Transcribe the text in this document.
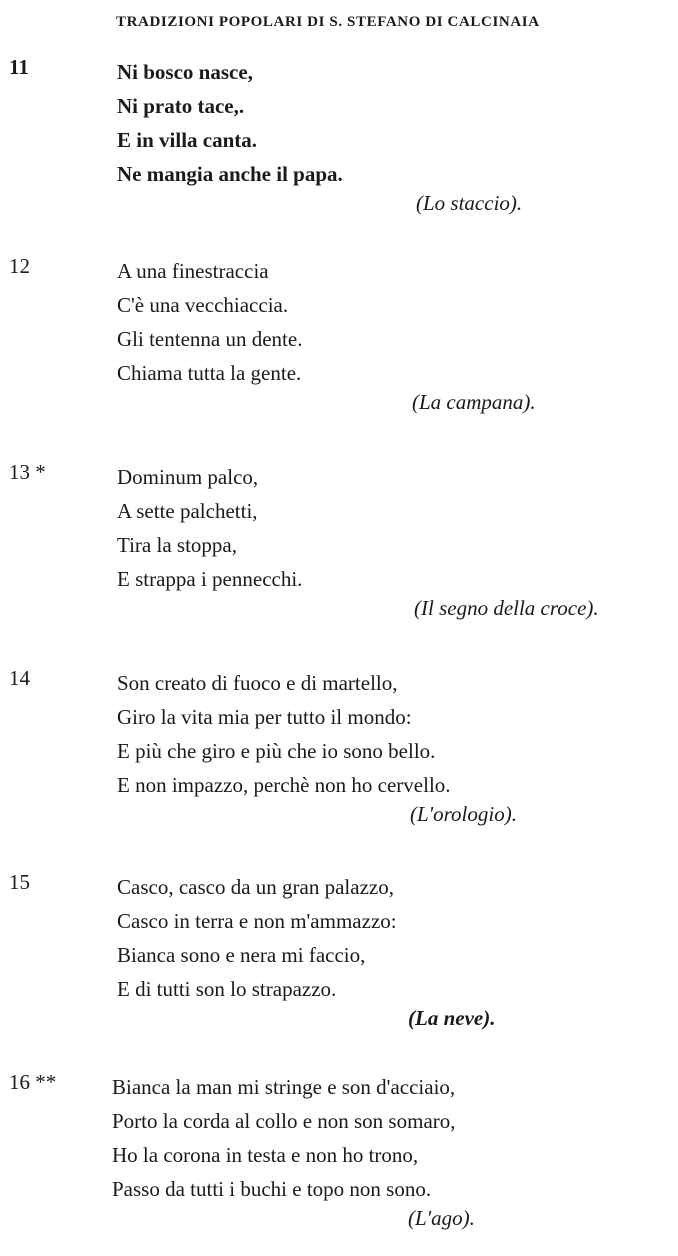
TRADIZIONI POPOLARI DI S. STEFANO DI CALCINAIA
11	Ni bosco nasce,
Ni prato tace,.
E in villa canta.
Ne mangia anche il papa.
(Lo staccio).
12	A una finestraccia
C'è una vecchiaccia.
Gli tentenna un dente.
Chiama tutta la gente.
(La campana).
13 *	Dominum palco,
A sette palchetti,
Tira la stoppa,
E strappa i pennecchi.
(Il segno della croce).
14	Son creato di fuoco e di martello,
Giro la vita mia per tutto il mondo:
E più che giro e più che io sono bello.
E non impazzo, perchè non ho cervello.
(L'orologio).
15	Casco, casco da un gran palazzo,
Casco in terra e non m'ammazzo:
Bianca sono e nera mi faccio,
E di tutti son lo strapazzo.
(La neve).
16 **	Bianca la man mi stringe e son d'acciaio,
Porto la corda al collo e non son somaro,
Ho la corona in testa e non ho trono,
Passo da tutti i buchi e topo non sono.
(L'ago).
